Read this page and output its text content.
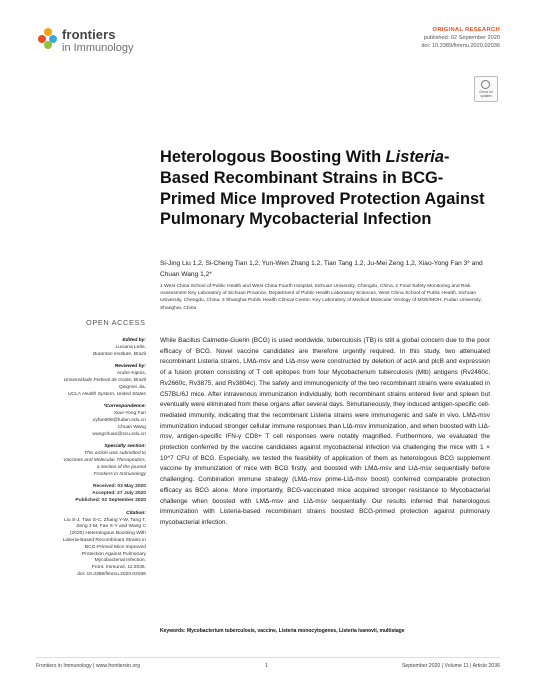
frontiers
in Immunology
ORIGINAL RESEARCH
published: 02 September 2020
doi: 10.3389/fimmu.2020.02036
Check for updates
Heterologous Boosting With Listeria-Based Recombinant Strains in BCG-Primed Mice Improved Protection Against Pulmonary Mycobacterial Infection
Si-Jing Liu 1,2, Si-Cheng Tian 1,2, Yun-Wen Zhang 1,2, Tian Tang 1,2, Ju-Mei Zeng 1,2, Xiao-Yong Fan 3* and Chuan Wang 1,2*
1 West China School of Public Health and West China Fourth Hospital, Sichuan University, Chengdu, China, 2 Food Safety Monitoring and Risk Assessment Key Laboratory of Sichuan Province, Department of Public Health Laboratory Sciences, West China School of Public Health, Sichuan University, Chengdu, China, 3 Shanghai Public Health Clinical Center, Key Laboratory of Medical Molecular Virology of MOE/MOH, Fudan University, Shanghai, China
OPEN ACCESS
Edited by:
Luciana Leite,
Butantan Institute, Brazil
Reviewed by:
Andre Kipnis,
Universidade Federal de Goiás, Brazil
Qingmei Jia,
UCLA Health System, United States
*Correspondence:
Xiao-Yong Fan
xyfan008@fudan.edu.cn
Chuan Wang
wangchuan@scu.edu.cn
Specialty section:
This article was submitted to
Vaccines and Molecular Therapeutics,
a section of the journal
Frontiers in Immunology
Received: 03 May 2020
Accepted: 27 July 2020
Published: 02 September 2020
Citation:
Liu S-J, Tian S-C, Zhang Y-W, Tang T,
Zeng J-M, Fan X-Y and Wang C
(2020) Heterologous Boosting With
Listeria-Based Recombinant Strains in
BCG-Primed Mice Improved
Protection Against Pulmonary
Mycobacterial Infection.
Front. Immunol. 11:2036.
doi: 10.3389/fimmu.2020.02036
While Bacillus Calmette-Guerin (BCG) is used worldwide, tuberculosis (TB) is still a global concern due to the poor efficacy of BCG. Novel vaccine candidates are therefore urgently required. In this study, two attenuated recombinant Listeria strains, LMΔ-msv and LIΔ-msv were constructed by deletion of actA and plcB and expression of a fusion protein consisting of T cell epitopes from four Mycobacterium tuberculosis (Mtb) antigens (Rv2460c, Rv2660c, Rv3875, and Rv3804c). The safety and immunogenicity of the two recombinant strains were evaluated in C57BL/6J mice. After intravenous immunization individually, both recombinant strains entered liver and spleen but eventually were eliminated from these organs after several days. Simultaneously, they induced antigen-specific cell-mediated immunity, indicating that the recombinant Listeria strains were immunogenic and safe in vivo. LMΔ-msv immunization induced stronger cellular immune responses than LIΔ-msv immunization, and when boosted with LIΔ-msv, antigen-specific IFN-γ CD8+ T cell responses were notably magnified. Furthermore, we evaluated the protection conferred by the vaccine candidates against mycobacterial infection via challenging the mice with 1 × 10^7 CFU of BCG. Especially, we tested the feasibility of application of them as heterologous BCG supplement vaccine by immunization of mice with BCG firstly, and boosted with LMΔ-msv and LIΔ-msv sequentially before challenging. Combination immune strategy (LMΔ-msv prime-LIΔ-msv boost) conferred comparable protection efficacy as BCG alone. More importantly, BCG-vaccinated mice acquired stronger resistance to Mycobacterial challenge when boosted with LMΔ-msv and LIΔ-msv sequentially. Our results inferred that heterologous immunization with Listeria-based recombinant strains boosted BCG-primed protection against pulmonary mycobacterial infection.
Keywords: Mycobacterium tuberculosis, vaccine, Listeria monocytogenes, Listeria ivanovii, multistage
Frontiers in Immunology | www.frontiersin.org	1	September 2020 | Volume 11 | Article 2036
